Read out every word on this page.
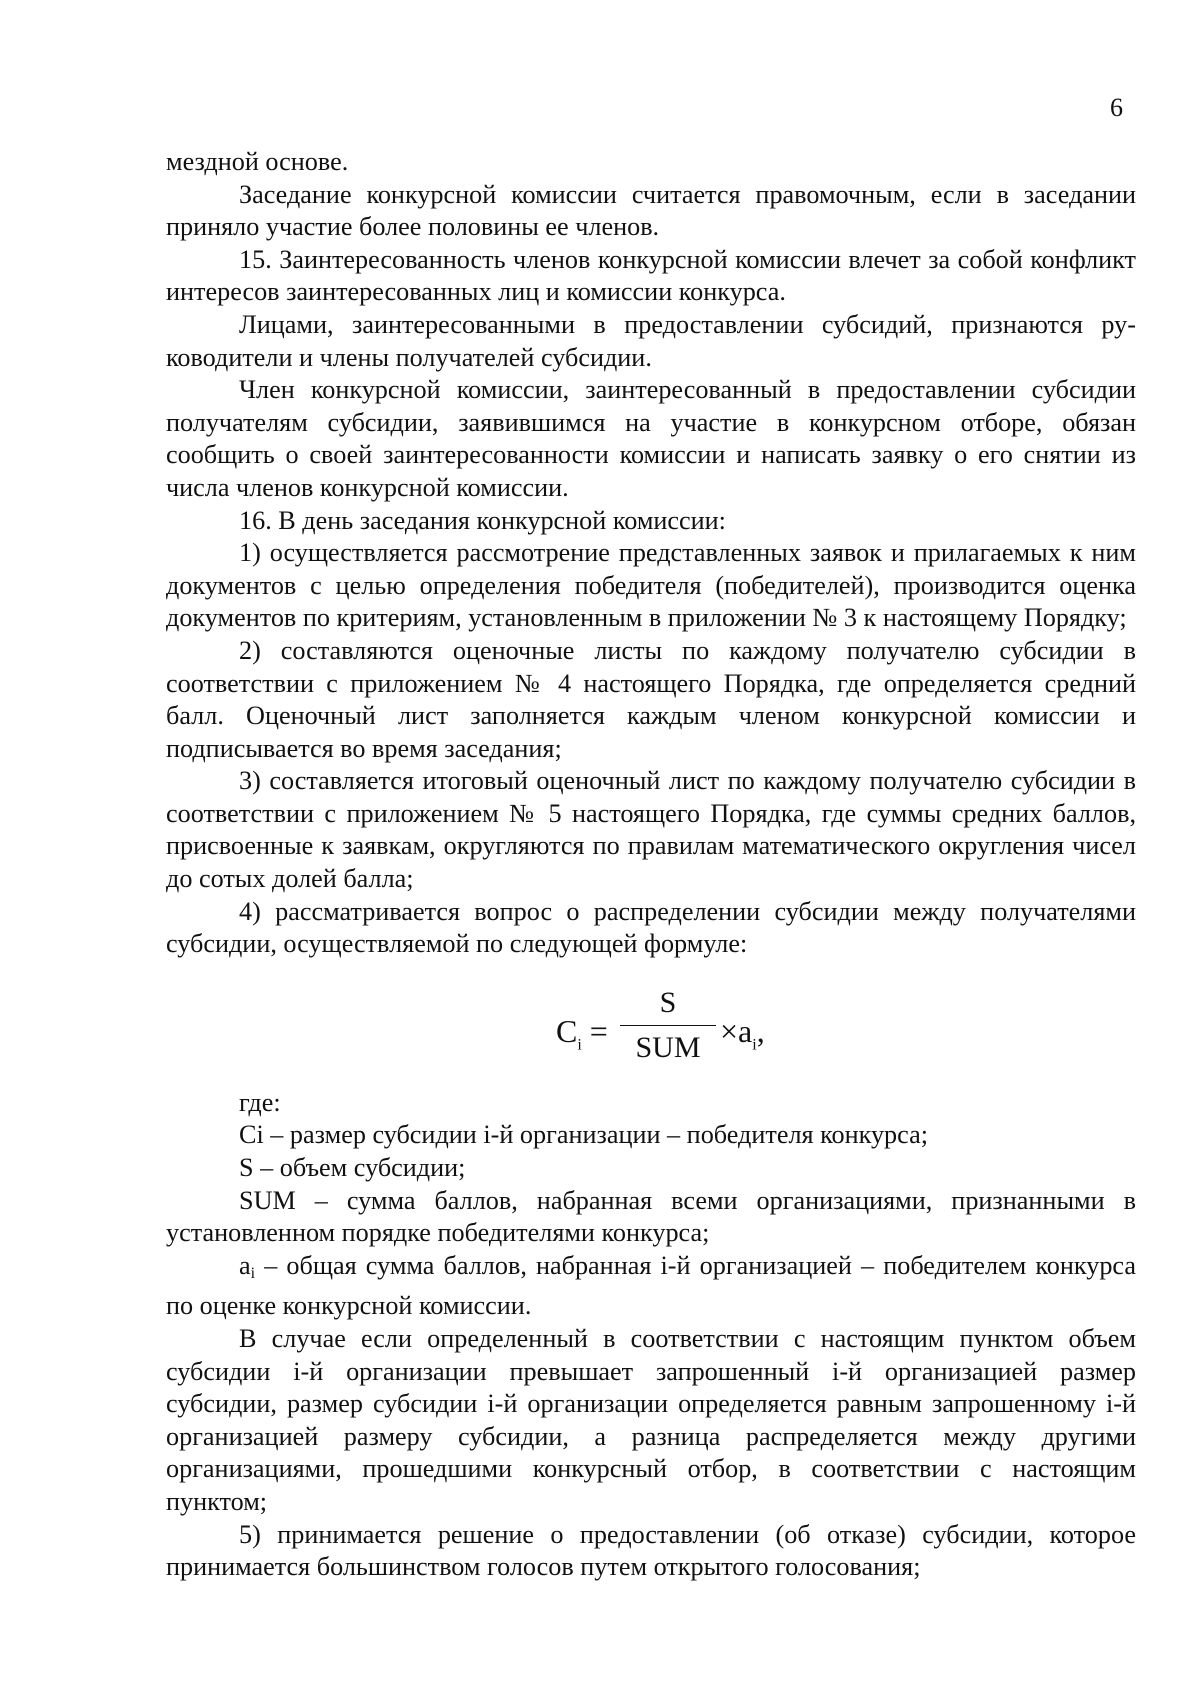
6

мездной основе.

Заседание конкурсной комиссии считается правомочным, если в заседании приняло участие более половины ее членов.

15. Заинтересованность членов конкурсной комиссии влечет за собой конфликт интересов заинтересованных лиц и комиссии конкурса.

Лицами, заинтересованными в предоставлении субсидий, признаются руководители и члены получателей субсидии.

Член конкурсной комиссии, заинтересованный в предоставлении субсидии получателям субсидии, заявившимся на участие в конкурсном отборе, обязан сообщить о своей заинтересованности комиссии и написать заявку о его снятии из числа членов конкурсной комиссии.

16. В день заседания конкурсной комиссии:

1) осуществляется рассмотрение представленных заявок и прилагаемых к ним документов с целью определения победителя (победителей), производится оценка документов по критериям, установленным в приложении № 3 к настоящему Порядку;

2) составляются оценочные листы по каждому получателю субсидии в соответствии с приложением № 4 настоящего Порядка, где определяется средний балл. Оценочный лист заполняется каждым членом конкурсной комиссии и подписывается во время заседания;

3) составляется итоговый оценочный лист по каждому получателю субсидии в соответствии с приложением № 5 настоящего Порядка, где суммы средних баллов, присвоенные к заявкам, округляются по правилам математического округления чисел до сотых долей балла;

4) рассматривается вопрос о распределении субсидии между получателями субсидии, осуществляемой по следующей формуле:

$C_i$ =
S
SUM $\times a_i$,

где:

Ci – размер субсидии i-й организации – победителя конкурса;

S – объем субсидии;

SUM – сумма баллов, набранная всеми организациями, признанными в установленном порядке победителями конкурса;

ai – общая сумма баллов, набранная i-й организацией – победителем конкурса по оценке конкурсной комиссии.

В случае если определенный в соответствии с настоящим пунктом объем субсидии i-й организации превышает запрошенный i-й организацией размер субсидии, размер субсидии i-й организации определяется равным запрошенному i-й организацией размеру субсидии, а разница распределяется между другими организациями, прошедшими конкурсный отбор, в соответствии с настоящим пунктом;

5) принимается решение о предоставлении (об отказе) субсидии, которое принимается большинством голосов путем открытого голосования;
